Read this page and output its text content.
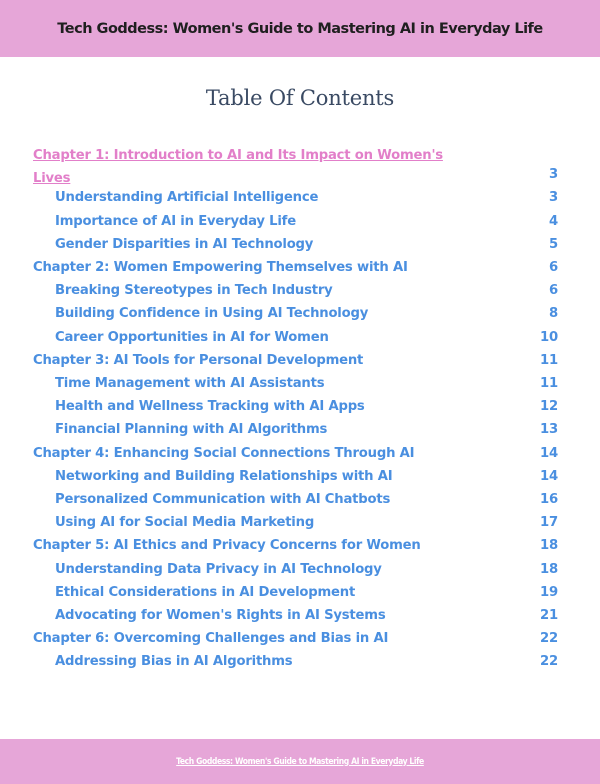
Tech Goddess: Women's Guide to Mastering AI in Everyday Life
Table Of Contents
Chapter 1: Introduction to AI and Its Impact on Women's Lives	3
Understanding Artificial Intelligence	3
Importance of AI in Everyday Life	4
Gender Disparities in AI Technology	5
Chapter 2: Women Empowering Themselves with AI	6
Breaking Stereotypes in Tech Industry	6
Building Confidence in Using AI Technology	8
Career Opportunities in AI for Women	10
Chapter 3: AI Tools for Personal Development	11
Time Management with AI Assistants	11
Health and Wellness Tracking with AI Apps	12
Financial Planning with AI Algorithms	13
Chapter 4: Enhancing Social Connections Through AI	14
Networking and Building Relationships with AI	14
Personalized Communication with AI Chatbots	16
Using AI for Social Media Marketing	17
Chapter 5: AI Ethics and Privacy Concerns for Women	18
Understanding Data Privacy in AI Technology	18
Ethical Considerations in AI Development	19
Advocating for Women's Rights in AI Systems	21
Chapter 6: Overcoming Challenges and Bias in AI	22
Addressing Bias in AI Algorithms	22
Tech Goddess: Women's Guide to Mastering AI in Everyday Life
